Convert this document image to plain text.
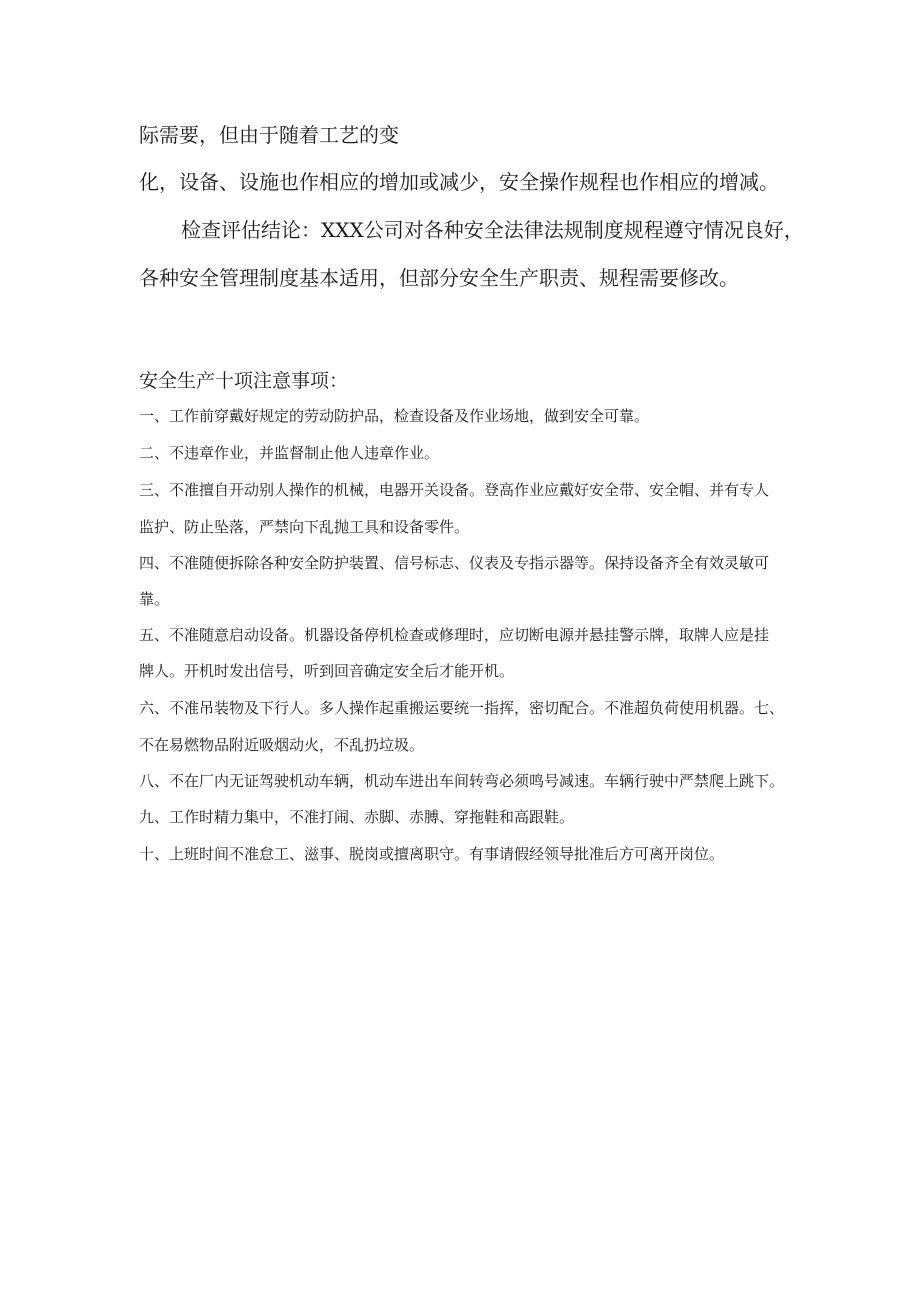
际需要，但由于随着工艺的变

化，设备、设施也作相应的增加或减少，安全操作规程也作相应的增减。

检查评估结论：XXX公司对各种安全法律法规制度规程遵守情况良好，

各种安全管理制度基本适用，但部分安全生产职责、规程需要修改。

安全生产十项注意事项：

一、工作前穿戴好规定的劳动防护品，检查设备及作业场地，做到安全可靠。

二、不违章作业，并监督制止他人违章作业。

三、不准擅自开动别人操作的机械，电器开关设备。登高作业应戴好安全带、安全帽、并有专人

监护、防止坠落，严禁向下乱抛工具和设备零件。

四、不准随便拆除各种安全防护装置、信号标志、仪表及专指示器等。保持设备齐全有效灵敏可

靠。

五、不准随意启动设备。机器设备停机检查或修理时，应切断电源并悬挂警示牌，取牌人应是挂

牌人。开机时发出信号，听到回音确定安全后才能开机。

六、不准吊装物及下行人。多人操作起重搬运要统一指挥，密切配合。不准超负荷使用机器。七、

不在易燃物品附近吸烟动火，不乱扔垃圾。

八、不在厂内无证驾驶机动车辆，机动车进出车间转弯必须鸣号减速。车辆行驶中严禁爬上跳下。

九、工作时精力集中，不准打闹、赤脚、赤膊、穿拖鞋和高跟鞋。

十、上班时间不准怠工、滋事、脱岗或擅离职守。有事请假经领导批准后方可离开岗位。
